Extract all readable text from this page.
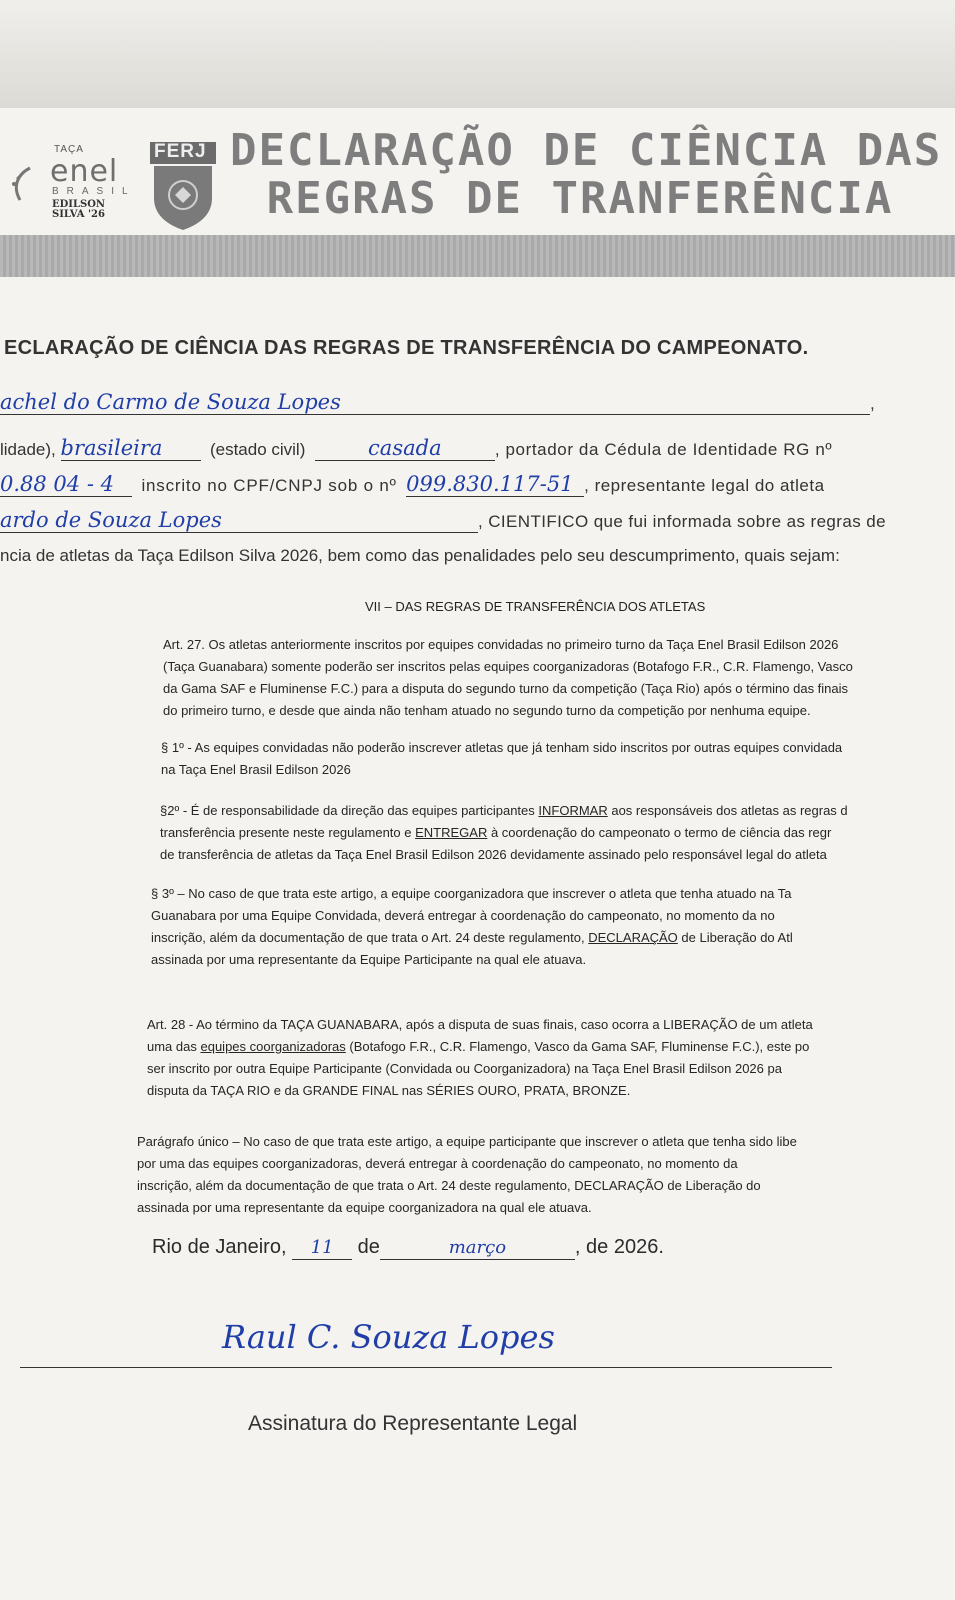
TAÇA
enel
BRASIL
EDILSON
SILVA '26
FERJ DECLARAÇÃO DE CIÊNCIA DAS
REGRAS DE TRANFERÊNCIA
ECLARAÇÃO DE CIÊNCIA DAS REGRAS DE TRANSFERÊNCIA DO CAMPEONATO.
achel do Carmo de Souza Lopes	,
lidade), brasileira	(estado civil)	casada	, portador da Cédula de Identidade RG nº
0.88 04 - 4 inscrito no CPF/CNPJ sob o nº 099.830.117-51 , representante legal do atleta
ardo de Souza Lopes	, CIENTIFICO que fui informada sobre as regras de
ncia de atletas da Taça Edilson Silva 2026, bem como das penalidades pelo seu descumprimento, quais sejam:
VII – DAS REGRAS DE TRANSFERÊNCIA DOS ATLETAS
Art. 27. Os atletas anteriormente inscritos por equipes convidadas no primeiro turno da Taça Enel Brasil Edilson 2026
(Taça Guanabara) somente poderão ser inscritos pelas equipes coorganizadoras (Botafogo F.R., C.R. Flamengo, Vasco
da Gama SAF e Fluminense F.C.) para a disputa do segundo turno da competição (Taça Rio) após o término das finais
do primeiro turno, e desde que ainda não tenham atuado no segundo turno da competição por nenhuma equipe.
§ 1º - As equipes convidadas não poderão inscrever atletas que já tenham sido inscritos por outras equipes convidada
na Taça Enel Brasil Edilson 2026
§2º - É de responsabilidade da direção das equipes participantes INFORMAR aos responsáveis dos atletas as regras d
transferência presente neste regulamento e ENTREGAR à coordenação do campeonato o termo de ciência das regr
de transferência de atletas da Taça Enel Brasil Edilson 2026 devidamente assinado pelo responsável legal do atleta
§ 3º – No caso de que trata este artigo, a equipe coorganizadora que inscrever o atleta que tenha atuado na Ta
Guanabara por uma Equipe Convidada, deverá entregar à coordenação do campeonato, no momento da no
inscrição, além da documentação de que trata o Art. 24 deste regulamento, DECLARAÇÃO de Liberação do Atl
assinada por uma representante da Equipe Participante na qual ele atuava.
Art. 28 - Ao término da TAÇA GUANABARA, após a disputa de suas finais, caso ocorra a LIBERAÇÃO de um atleta
uma das equipes coorganizadoras (Botafogo F.R., C.R. Flamengo, Vasco da Gama SAF, Fluminense F.C.), este po
ser inscrito por outra Equipe Participante (Convidada ou Coorganizadora) na Taça Enel Brasil Edilson 2026 pa
disputa da TAÇA RIO e da GRANDE FINAL nas SÉRIES OURO, PRATA, BRONZE.
Parágrafo único – No caso de que trata este artigo, a equipe participante que inscrever o atleta que tenha sido libe
por uma das equipes coorganizadoras, deverá entregar à coordenação do campeonato, no momento da
inscrição, além da documentação de que trata o Art. 24 deste regulamento, DECLARAÇÃO de Liberação do
assinada por uma representante da equipe coorganizadora na qual ele atuava.
Rio de Janeiro, 11 de	março	, de 2026.
Raul C. Souza Lopes
Assinatura do Representante Legal
